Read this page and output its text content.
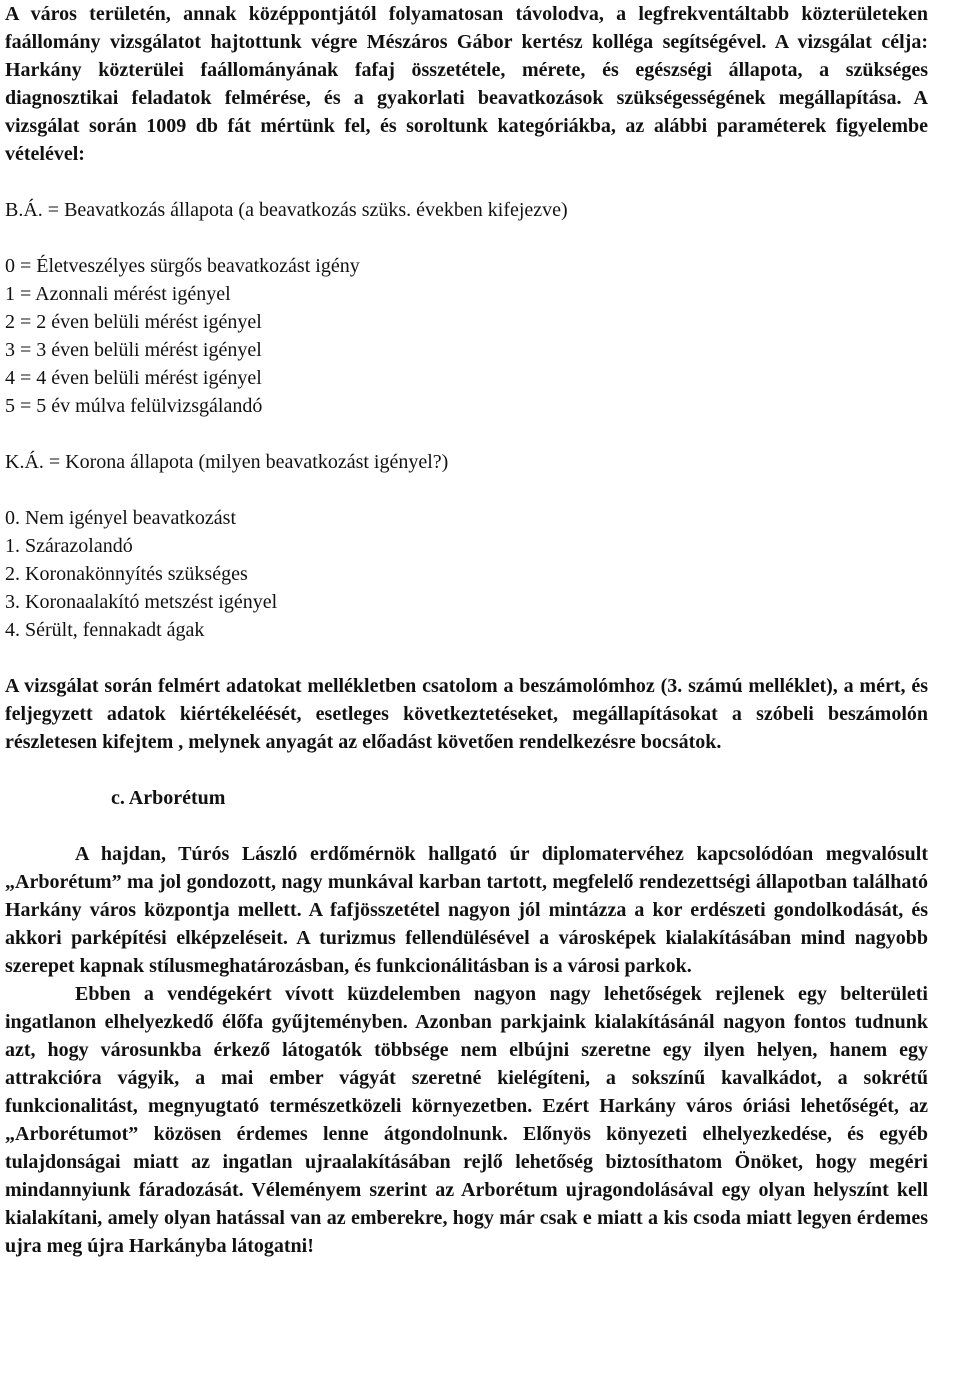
A város területén, annak középpontjától folyamatosan távolodva, a legfrekventáltabb közterületeken faállomány vizsgálatot hajtottunk végre Mészáros Gábor kertész kollégа segítségével. A vizsgálat célja: Harkány közterülei faállományának fafaj összetétele, mérete, és egészségi állapota, a szükséges diagnosztikai feladatok felmérése, és a gyakorlati beavatkozások szükségességének megállapítása. A vizsgálat során 1009 db fát mértünk fel, és soroltunk kategóriákba, az alábbi paraméterek figyelembe vételével:

B.Á. = Beavatkozás állapota (a beavatkozás szüks. években kifejezve)

0 = Életveszélyes sürgős beavatkozást igény
1 = Azonnali mérést igényel
2 = 2 éven belüli mérést igényel
3 = 3 éven belüli mérést igényel
4 = 4 éven belüli mérést igényel
5 = 5 év múlva felülvizsgálandó

K.Á. = Korona állapota (milyen beavatkozást igényel?)

0. Nem igényel beavatkozást
1. Szárazolandó
2. Koronakönnyítés szükséges
3. Koronaalakító metszést igényel
4. Sérült, fennakadt ágak

A vizsgálat során felmért adatokat mellékletben csatolom a beszámolómhoz (3. számú melléklet), a mért, és feljegyzett adatok kiértékeléését, esetleges következtetéseket, megállapításokat a szóbeli beszámolón részletesen kifejtem , melynek anyagát az előadást követően rendelkezésre bocsátok.

c. Arborétum

A hajdan, Túrós László erdőmérnök hallgató úr diplomatervéhez kapcsolódóan megvalósult „Arborétum” ma jol gondozott, nagy munkával karban tartott, megfelelő rendezettségi állapotban található Harkány város központja mellett. A fafjösszetétel nagyon jól mintázza a kor erdészeti gondolkodását, és akkori parképítési elképzeléseit. A turizmus fellendülésével a városképek kialakításában mind nagyobb szerepet kapnak stílusmeghatározásban, és funkcionálitásban is a városi parkok.

Ebben a vendégekért vívott küzdelemben nagyon nagy lehetőségek rejlenek egy belterületi ingatlanon elhelyezkedő élőfa gyűjteményben. Azonban parkjaink kialakításánál nagyon fontos tudnunk azt, hogy városunkba érkező látogatók többsége nem elbújni szeretne egy ilyen helyen, hanem egy attrakcióra vágyik, a mai ember vágyát szeretné kielégíteni, a sokszínű kavalkádot, a sokrétű funkcionalitást, megnyugtató természetközeli környezetben. Ezért Harkány város óriási lehetőségét, az „Arborétumot” közösen érdemes lenne átgondolnunk. Előnyös könyezeti elhelyezkedése, és egyéb tulajdonságai miatt az ingatlan ujraalakításában rejlő lehetőség biztosíthatom Önöket, hogy megéri mindannyiunk fáradozását. Véleményem szerint az Arborétum ujragondolásával egy olyan helyszínt kell kialakítani, amely olyan hatással van az emberekre, hogy már csak e miatt a kis csoda miatt legyen érdemes ujra meg újra Harkányba látogatni!
